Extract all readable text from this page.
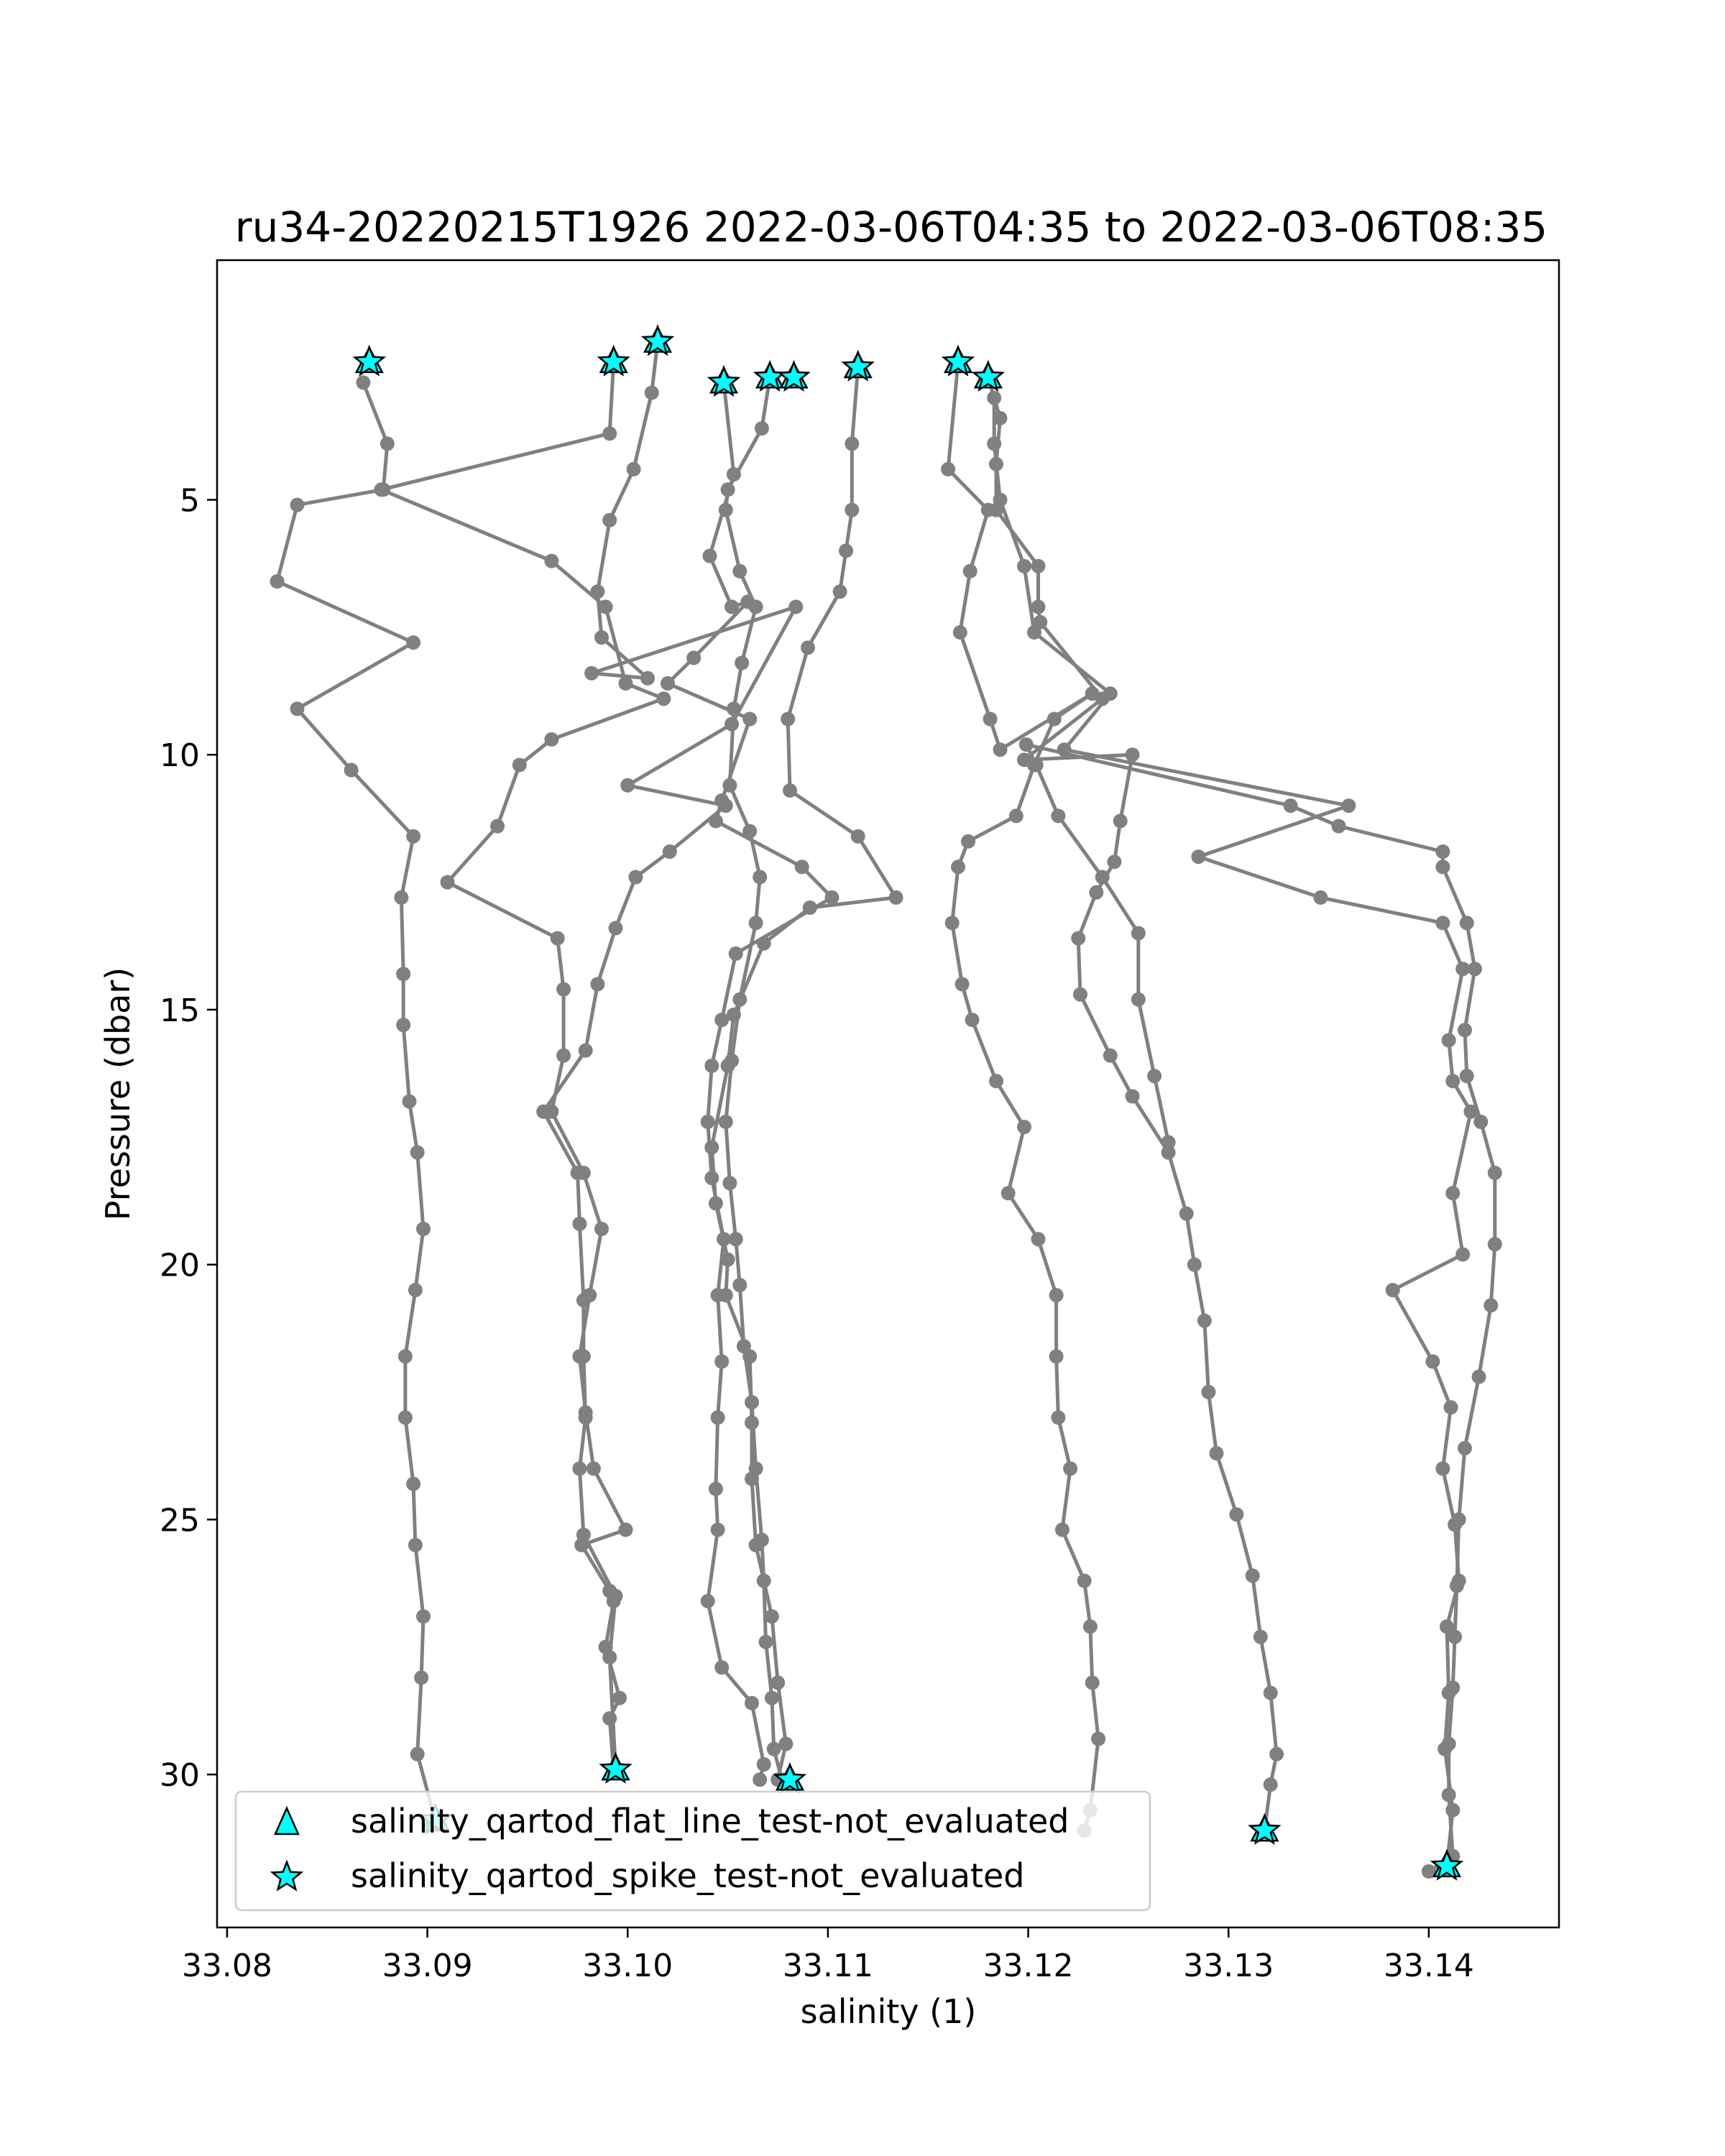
ru34-20220215T1926 2022-03-06T04:35 to 2022-03-06T08:35
33.08	33.09	33.10	33.11	33.12	33.13	33.14
5
10
15
20
25
30
salinity (1)
Pressure (dbar)
salinity_qartod_flat_line_test-not_evaluated
salinity_qartod_spike_test-not_evaluated
